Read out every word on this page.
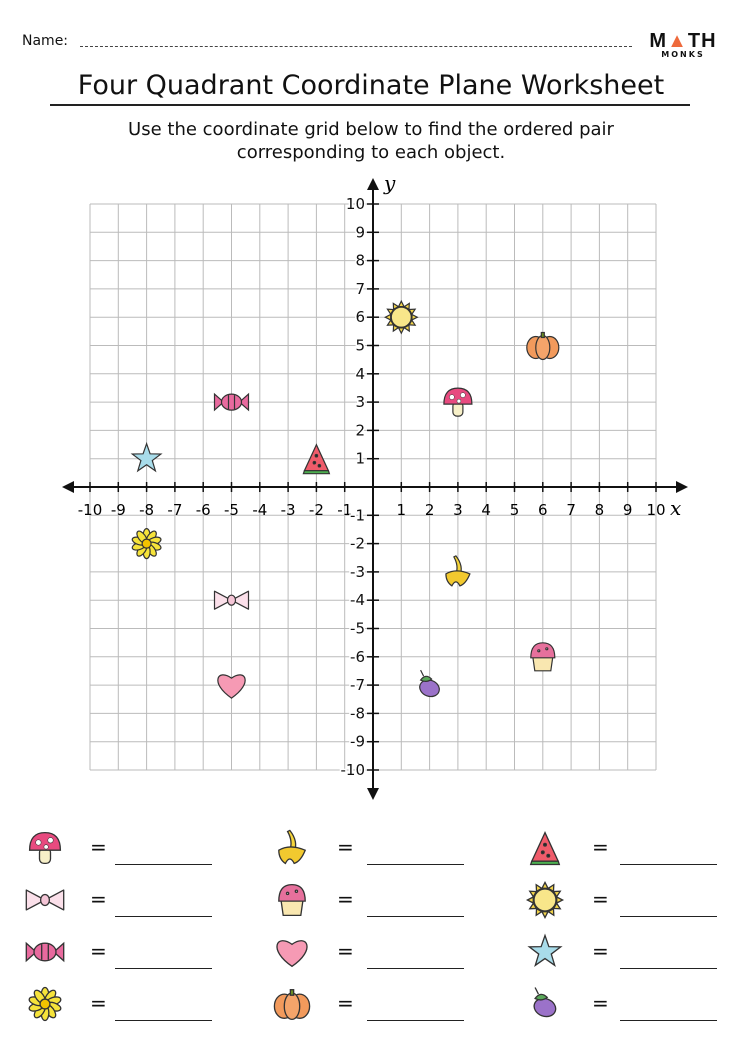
Name:	M▲TH
MONKS
Four Quadrant Coordinate Plane Worksheet
Use the coordinate grid below to find the ordered pair corresponding to each object.
-10
-10
-9
-9
-8
-8
-7
-7
-6
-6
-5
-5
-4
-4
-3
-3
-2
-2
-1
-1 1
1
2
2
3
3
4
4
5
5
6
6
7
7
8
8
9
9
10
10
x
y
=	=	=
=	=	=
=	=	=
=	=	=
